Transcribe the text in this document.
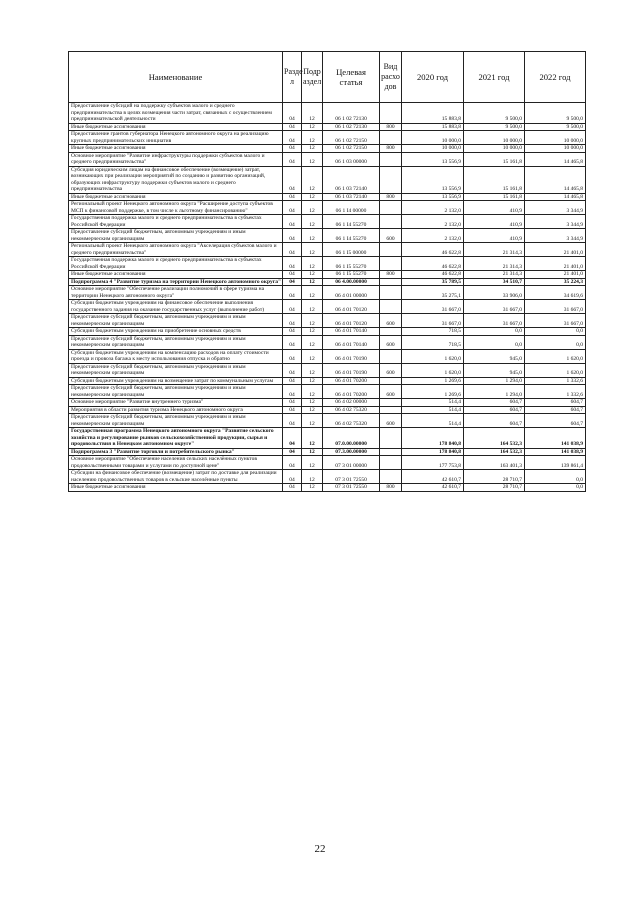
Наименование	Разде л	Подр аздел	Целевая статья	Вид расхо дов	2020 год	2021 год	2022 год
Предоставление субсидий на поддержку субъектов малого и среднего предпринимательства в целях возмещения части затрат, связанных с осуществлением предпринимательской деятельности	04	12	06 1 02 72130		15 883,8	9 500,0	9 500,0
Иные бюджетные ассигнования	04	12	06 1 02 72130	800	15 883,8	9 500,0	9 500,0
Предоставление грантов губернатора Ненецкого автономного округа на реализацию крупных предпринимательских инициатив	04	12	06 1 02 72150		10 000,0	10 000,0	10 000,0
Иные бюджетные ассигнования	04	12	06 1 02 72150	800	10 000,0	10 000,0	10 000,0
Основное мероприятие "Развитие инфраструктуры поддержки субъектов малого и среднего предпринимательства"	04	12	06 1 03 00000		13 556,9	15 161,8	14 465,8
Субсидия юридическим лицам на финансовое обеспечение (возмещение) затрат, возникающих при реализации мероприятий по созданию и развитию организаций, образующих инфраструктуру поддержки субъектов малого и среднего предпринимательства	04	12	06 1 03 72140		13 556,9	15 161,8	14 465,8
Иные бюджетные ассигнования	04	12	06 1 03 72140	800	13 556,9	15 161,8	14 465,8
Региональный проект Ненецкого автономного округа "Расширение доступа субъектов МСП к финансовой поддержке, в том числе к льготному финансированию"	04	12	06 1 I4 00000		2 132,0	410,9	3 344,9
Государственная поддержка малого и среднего предпринимательства в субъектах Российской Федерации	04	12	06 1 I4 55270		2 132,0	410,9	3 344,9
Предоставление субсидий бюджетным, автономным учреждениям и иным некоммерческим организациям	04	12	06 1 I4 55270	600	2 132,0	410,9	3 344,9
Региональный проект Ненецкого автономного округа "Акселерация субъектов малого и среднего предпринимательства"	04	12	06 1 I5 00000		46 622,8	21 314,3	21 401,0
Государственная поддержка малого и среднего предпринимательства в субъектах Российской Федерации	04	12	06 1 I5 55270		46 622,8	21 314,3	21 401,0
Иные бюджетные ассигнования	04	12	06 1 I5 55270	800	46 622,8	21 314,3	21 401,0
Подпрограмма 4 "Развитие туризма на территории Ненецкого автономного округа"	04	12	06 4.00.00000		35 789,5	34 510,7	35 224,3
Основное мероприятие "Обеспечение реализации полномочий в сфере туризма на территории Ненецкого автономного округа"	04	12	06 4 01 00000		35 275,1	33 906,0	34 619,6
Субсидии бюджетным учреждениям на финансовое обеспечение выполнения государственного задания на оказание государственных услуг (выполнение работ)	04	12	06 4 01 70120		31 667,0	31 667,0	31 667,0
Предоставление субсидий бюджетным, автономным учреждениям и иным некоммерческим организациям	04	12	06 4 01 70120	600	31 667,0	31 667,0	31 667,0
Субсидии бюджетным учреждениям на приобретение основных средств	04	12	06 4 01 70140		718,5	0,0	0,0
Предоставление субсидий бюджетным, автономным учреждениям и иным некоммерческим организациям	04	12	06 4 01 70140	600	718,5	0,0	0,0
Субсидии бюджетным учреждениям на компенсацию расходов на оплату стоимости проезда и провоза багажа к месту использования отпуска и обратно	04	12	06 4 01 70190		1 620,0	945,0	1 620,0
Предоставление субсидий бюджетным, автономным учреждениям и иным некоммерческим организациям	04	12	06 4 01 70190	600	1 620,0	945,0	1 620,0
Субсидии бюджетным учреждениям на возмещение затрат по коммунальным услугам	04	12	06 4 01 70200		1 269,6	1 294,0	1 332,6
Предоставление субсидий бюджетным, автономным учреждениям и иным некоммерческим организациям	04	12	06 4 01 70200	600	1 269,6	1 294,0	1 332,6
Основное мероприятие "Развитие внутреннего туризма"	04	12	06 4 02 00000		514,4	604,7	604,7
Мероприятия в области развития туризма Ненецкого автономного округа	04	12	06 4 02 75320		514,4	604,7	604,7
Предоставление субсидий бюджетным, автономным учреждениям и иным некоммерческим организациям	04	12	06 4 02 75320	600	514,4	604,7	604,7
Государственная программа Ненецкого автономного округа "Развитие сельского хозяйства и регулирование рынков сельскохозяйственной продукции, сырья и продовольствия в Ненецком автономном округе"	04	12	07.0.00.00000		178 840,8	164 532,3	141 038,9
Подпрограмма 3 "Развитие торговли и потребительского рынка"	04	12	07.3.00.00000		178 840,8	164 532,3	141 038,9
Основное мероприятие "Обеспечение населения сельских населённых пунктов продовольственными товарами и услугами по доступной цене"	04	12	07 3 01 00000		177 753,8	163 401,3	139 861,4
Субсидии на финансовое обеспечение (возмещение) затрат по доставке для реализации населению продовольственных товаров в сельские населённые пункты	04	12	07 3 01 72550		42 610,7	28 710,7	0,0
Иные бюджетные ассигнования	04	12	07 3 01 72550	800	42 610,7	28 710,7	0,0
22
